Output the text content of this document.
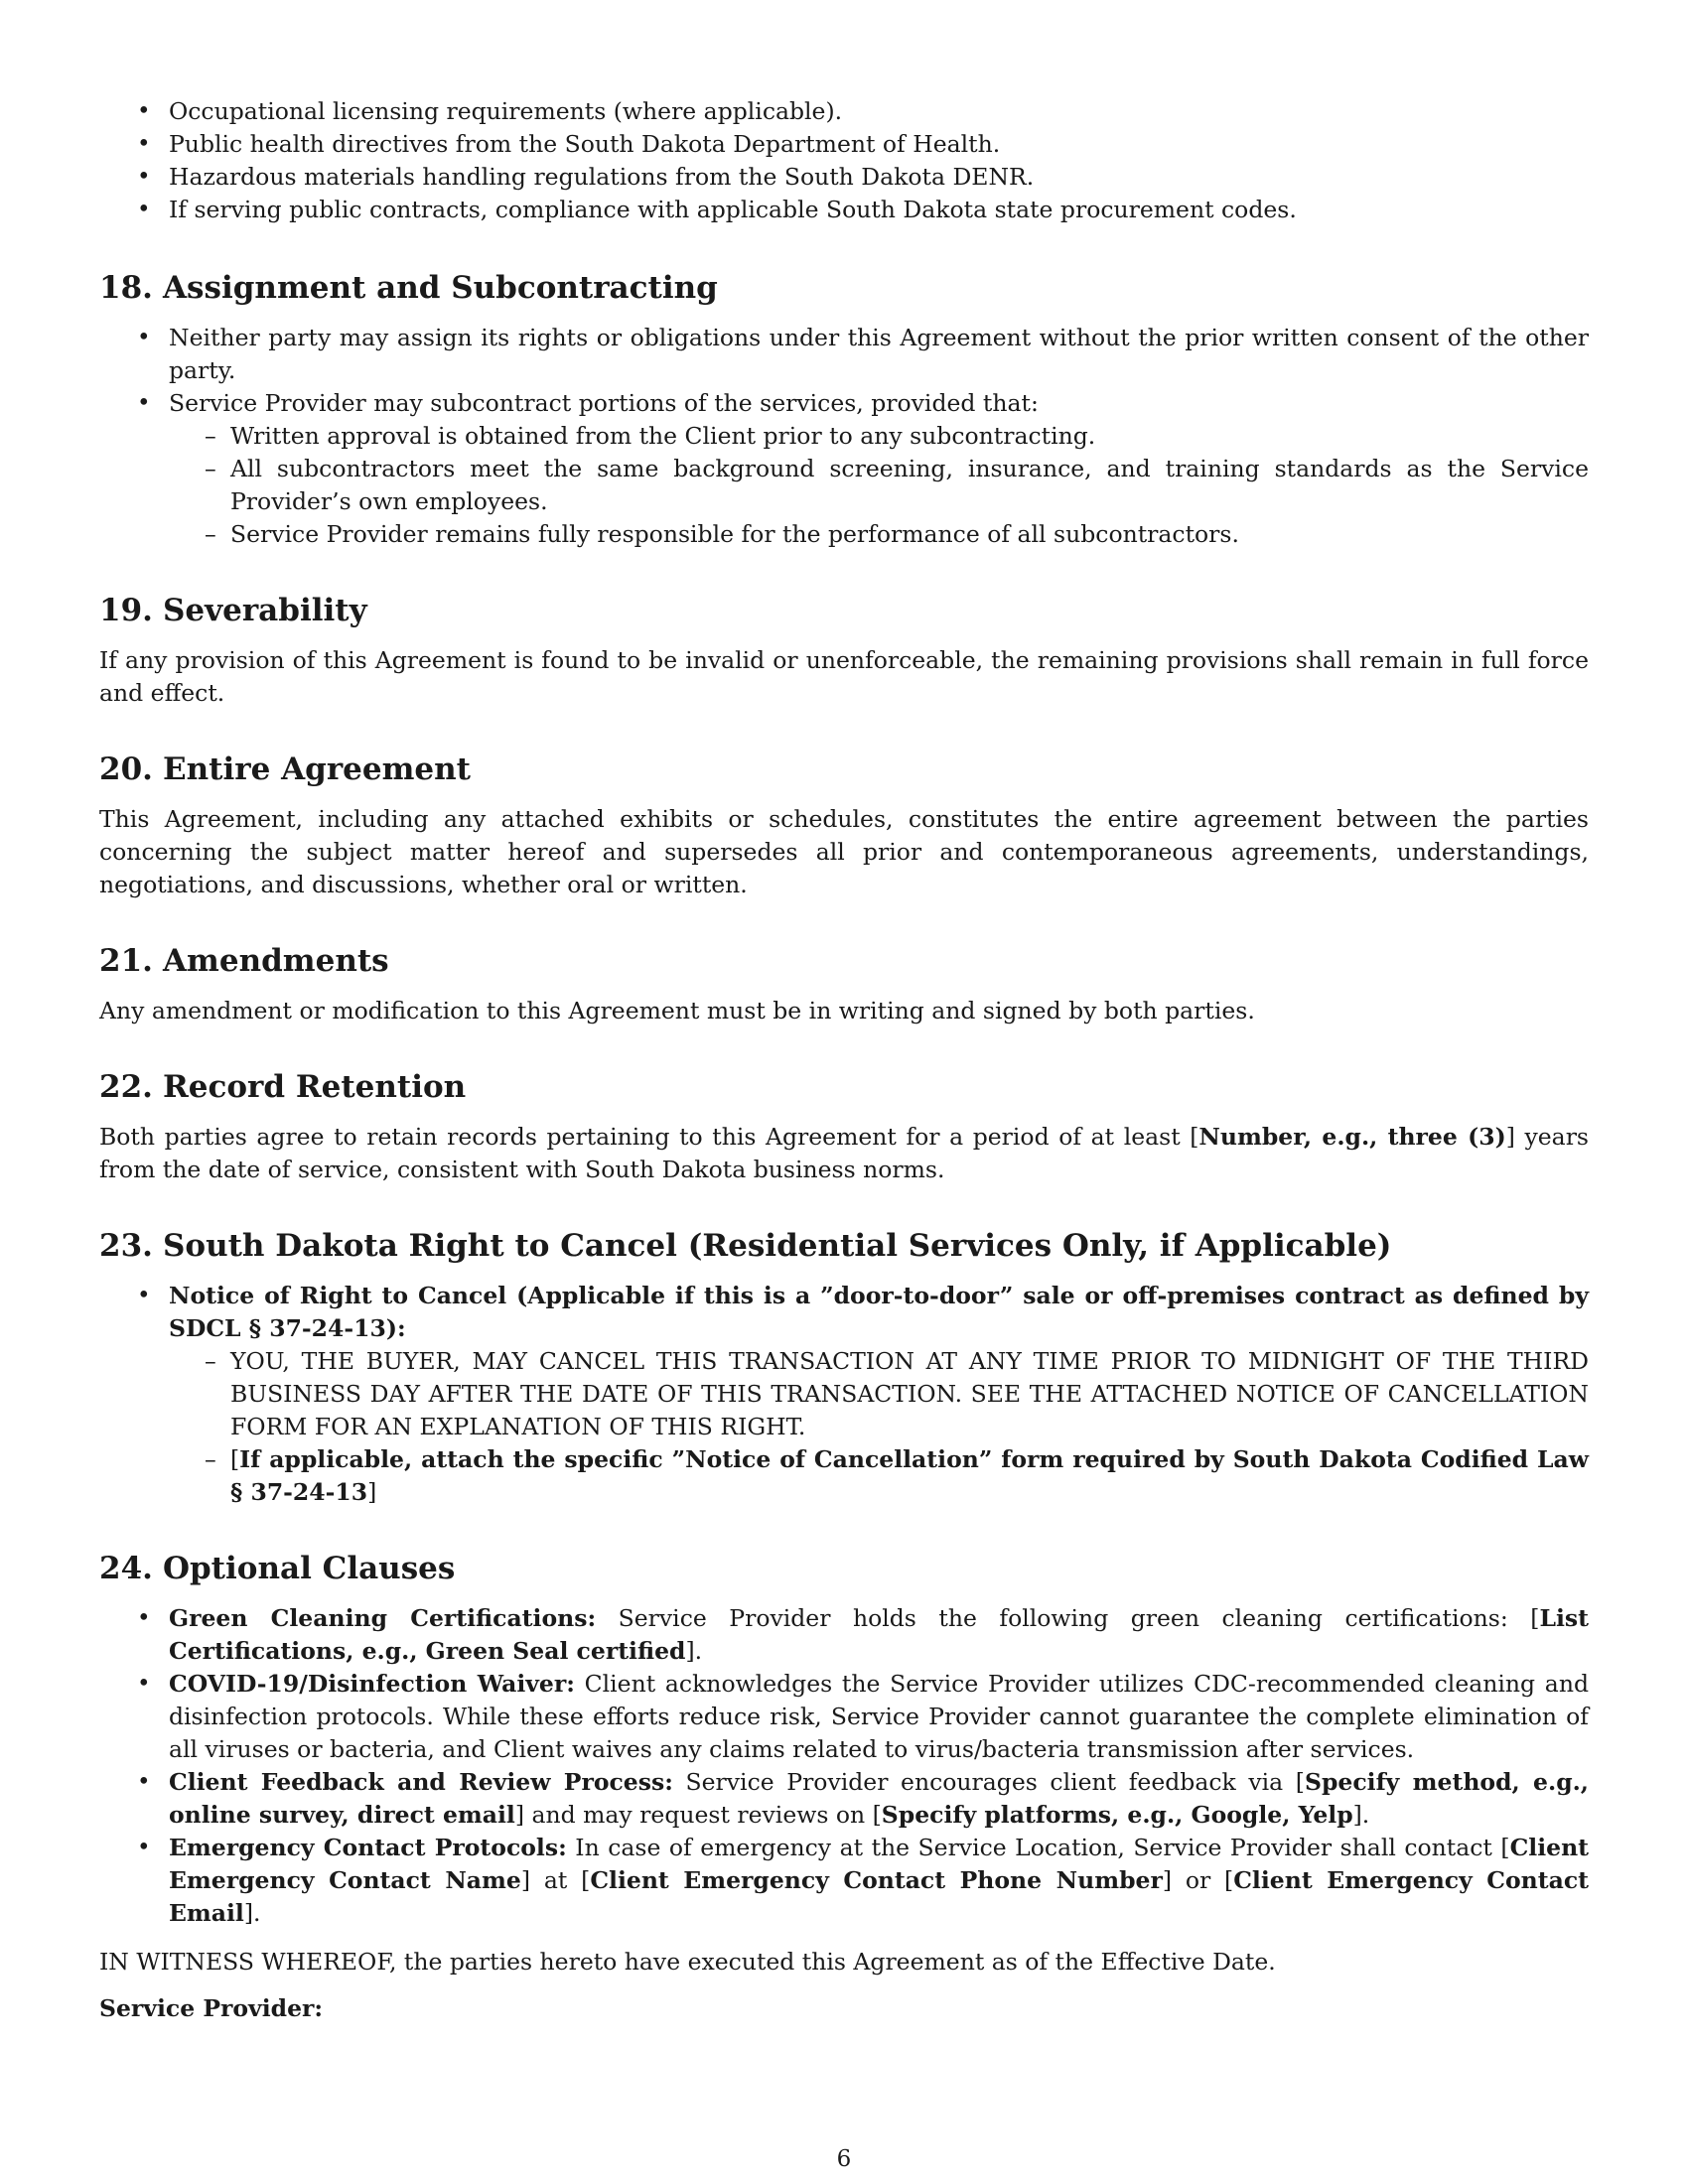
• Occupational licensing requirements (where applicable).
• Public health directives from the South Dakota Department of Health.
• Hazardous materials handling regulations from the South Dakota DENR.
• If serving public contracts, compliance with applicable South Dakota state procurement codes.
18. Assignment and Subcontracting
• Neither party may assign its rights or obligations under this Agreement without the prior written consent of the other party.
• Service Provider may subcontract portions of the services, provided that:
– Written approval is obtained from the Client prior to any subcontracting.
– All subcontractors meet the same background screening, insurance, and training standards as the Service Provider’s own employees.
– Service Provider remains fully responsible for the performance of all subcontractors.
19. Severability

If any provision of this Agreement is found to be invalid or unenforceable, the remaining provisions shall remain in full force and effect.

20. Entire Agreement

This Agreement, including any attached exhibits or schedules, constitutes the entire agreement between the parties concerning the subject matter hereof and supersedes all prior and contemporaneous agreements, understandings, negotiations, and discussions, whether oral or written.

21. Amendments

Any amendment or modification to this Agreement must be in writing and signed by both parties.

22. Record Retention

Both parties agree to retain records pertaining to this Agreement for a period of at least [Number, e.g., three (3)] years from the date of service, consistent with South Dakota business norms.

23. South Dakota Right to Cancel (Residential Services Only, if Applicable)
• Notice of Right to Cancel (Applicable if this is a ”door-to-door” sale or off-premises contract as defined by SDCL § 37-24-13):
– YOU, THE BUYER, MAY CANCEL THIS TRANSACTION AT ANY TIME PRIOR TO MIDNIGHT OF THE THIRD BUSINESS DAY AFTER THE DATE OF THIS TRANSACTION. SEE THE ATTACHED NOTICE OF CANCELLATION FORM FOR AN EXPLANATION OF THIS RIGHT.
– [If applicable, attach the specific ”Notice of Cancellation” form required by South Dakota Codified Law § 37-24-13]
24. Optional Clauses
• Green Cleaning Certifications: Service Provider holds the following green cleaning certifications: [List Certifications, e.g., Green Seal certified].
• COVID-19/Disinfection Waiver: Client acknowledges the Service Provider utilizes CDC-recommended cleaning and disinfection protocols. While these efforts reduce risk, Service Provider cannot guarantee the complete elimination of all viruses or bacteria, and Client waives any claims related to virus/bacteria transmission after services.
• Client Feedback and Review Process: Service Provider encourages client feedback via [Specify method, e.g., online survey, direct email] and may request reviews on [Specify platforms, e.g., Google, Yelp].
• Emergency Contact Protocols: In case of emergency at the Service Location, Service Provider shall contact [Client Emergency Contact Name] at [Client Emergency Contact Phone Number] or [Client Emergency Contact Email].

IN WITNESS WHEREOF, the parties hereto have executed this Agreement as of the Effective Date.

Service Provider:
6
